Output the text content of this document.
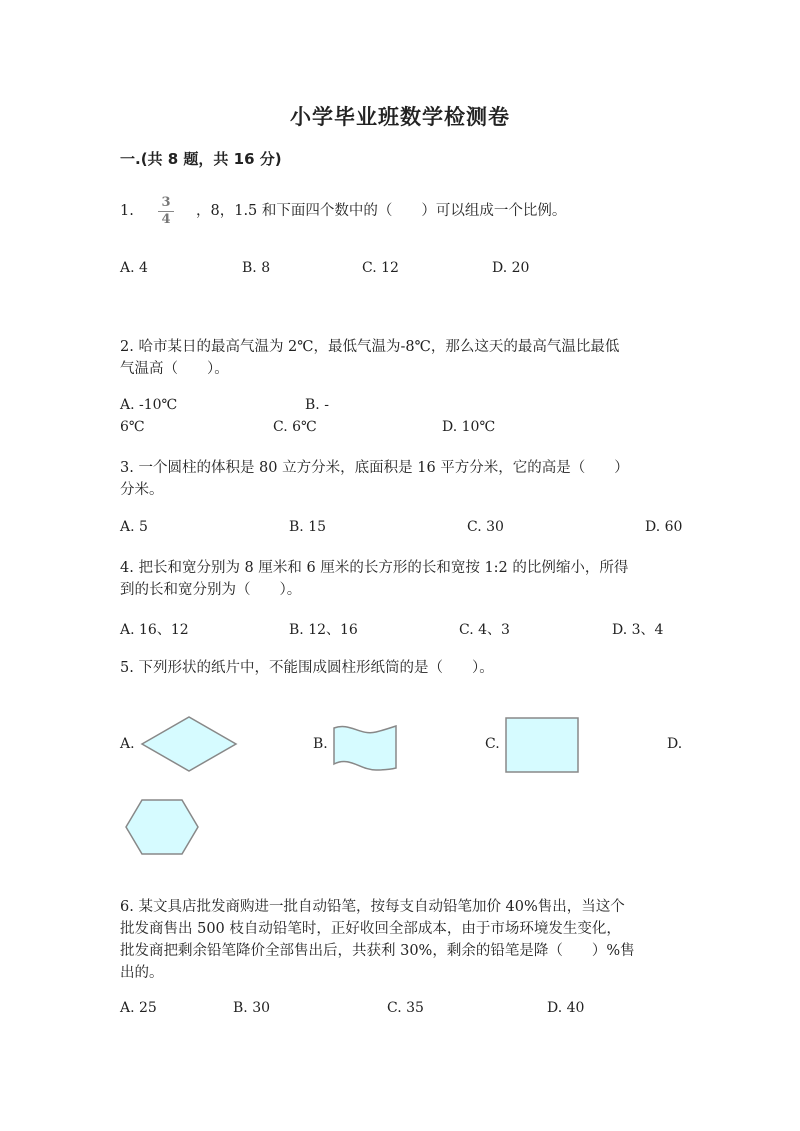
小学毕业班数学检测卷
一.(共 8 题，共 16 分)
1.
3
4
，8，1.5 和下面四个数中的（　　）可以组成一个比例。
A. 4	B. 8	C. 12	D. 20
2. 哈市某日的最高气温为 2℃，最低气温为-8℃，那么这天的最高气温比最低
气温高（　　）。
A. -10℃	B. -
6℃	C. 6℃	D. 10℃
3. 一个圆柱的体积是 80 立方分米，底面积是 16 平方分米，它的高是（　　）
分米。
A. 5	B. 15	C. 30	D. 60
4. 把长和宽分别为 8 厘米和 6 厘米的长方形的长和宽按 1:2 的比例缩小，所得
到的长和宽分别为（　　）。
A. 16、12	B. 12、16	C. 4、3	D. 3、4
5. 下列形状的纸片中，不能围成圆柱形纸筒的是（　　）。
A.	B.	C.	D.
6. 某文具店批发商购进一批自动铅笔，按每支自动铅笔加价 40%售出，当这个
批发商售出 500 枝自动铅笔时，正好收回全部成本，由于市场环境发生变化，
批发商把剩余铅笔降价全部售出后，共获利 30%，剩余的铅笔是降（　　）%售
出的。
A. 25	B. 30	C. 35	D. 40
